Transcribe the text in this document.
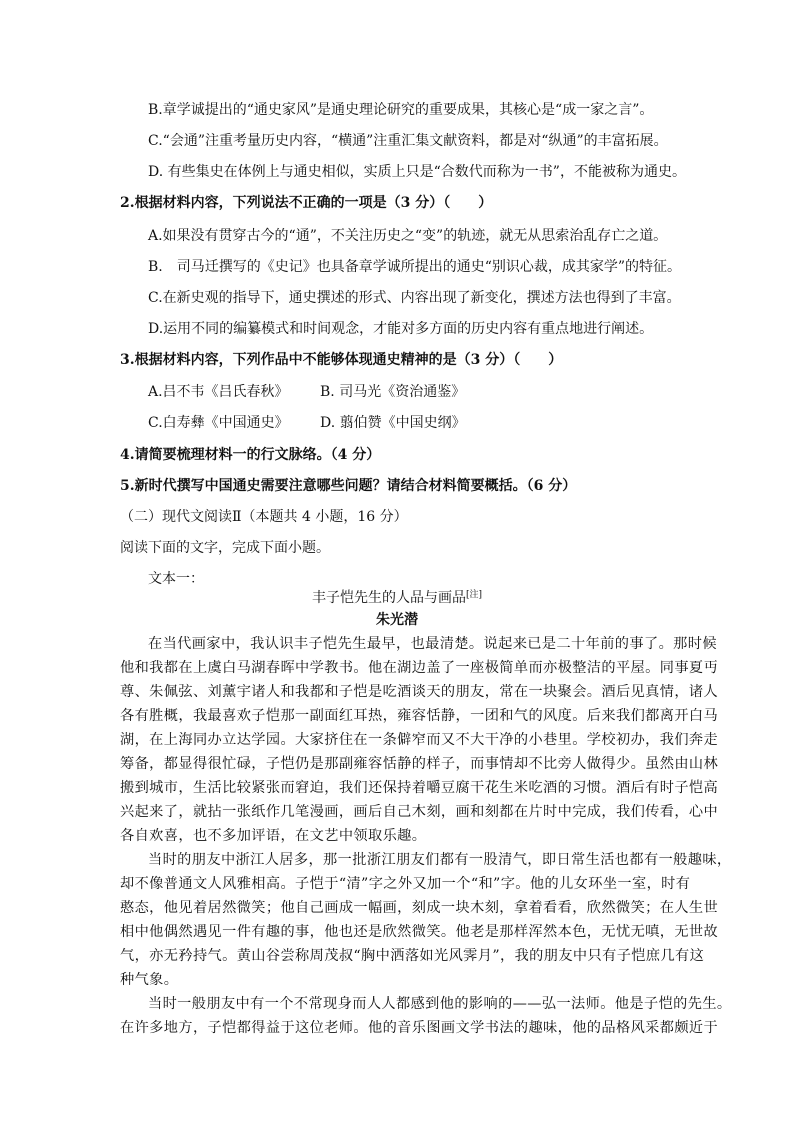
B.章学诚提出的“通史家风”是通史理论研究的重要成果，其核心是“成一家之言”。
C.“会通”注重考量历史内容，“横通”注重汇集文献资料，都是对“纵通”的丰富拓展。
D. 有些集史在体例上与通史相似，实质上只是“合数代而称为一书”，不能被称为通史。
2.根据材料内容，下列说法不正确的一项是（3 分）（　　）
A.如果没有贯穿古今的“通”，不关注历史之“变”的轨迹，就无从思索治乱存亡之道。
B.　司马迁撰写的《史记》也具备章学诚所提出的通史“别识心裁，成其家学”的特征。
C.在新史观的指导下，通史撰述的形式、内容出现了新变化，撰述方法也得到了丰富。
D.运用不同的编纂模式和时间观念，才能对多方面的历史内容有重点地进行阐述。
3.根据材料内容，下列作品中不能够体现通史精神的是（3 分）（　　）
A.吕不韦《吕氏春秋》 B. 司马光《资治通鉴》
C.白寿彝《中国通史》 D. 翦伯赞《中国史纲》
4.请简要梳理材料一的行文脉络。（4 分）
5.新时代撰写中国通史需要注意哪些问题？请结合材料简要概括。（6 分）
（二）现代文阅读Ⅱ（本题共 4 小题，16 分）
阅读下面的文字，完成下面小题。
文本一：
丰子恺先生的人品与画品[注]
朱光潜
在当代画家中，我认识丰子恺先生最早，也最清楚。说起来已是二十年前的事了。那时候
他和我都在上虞白马湖春晖中学教书。他在湖边盖了一座极简单而亦极整洁的平屋。同事夏丏
尊、朱佩弦、刘薰宇诸人和我都和子恺是吃酒谈天的朋友，常在一块聚会。酒后见真情，诸人
各有胜概，我最喜欢子恺那一副面红耳热，雍容恬静，一团和气的风度。后来我们都离开白马
湖，在上海同办立达学园。大家挤住在一条僻窄而又不大干净的小巷里。学校初办，我们奔走
筹备，都显得很忙碌，子恺仍是那副雍容恬静的样子，而事情却不比旁人做得少。虽然由山林
搬到城市，生活比较紧张而窘迫，我们还保持着嚼豆腐干花生米吃酒的习惯。酒后有时子恺高
兴起来了，就拈一张纸作几笔漫画，画后自己木刻，画和刻都在片时中完成，我们传看，心中
各自欢喜，也不多加评语，在文艺中领取乐趣。
当时的朋友中浙江人居多，那一批浙江朋友们都有一股清气，即日常生活也都有一般趣味，
却不像普通文人风雅相高。子恺于“清”字之外又加一个“和”字。他的儿女环坐一室，时有
憨态，他见着居然微笑；他自己画成一幅画，刻成一块木刻，拿着看看，欣然微笑；在人生世
相中他偶然遇见一件有趣的事，他也还是欣然微笑。他老是那样浑然本色，无忧无嗔，无世故
气，亦无矜持气。黄山谷尝称周茂叔“胸中洒落如光风霁月”，我的朋友中只有子恺庶几有这
种气象。
当时一般朋友中有一个不常现身而人人都感到他的影响的——弘一法师。他是子恺的先生。
在许多地方，子恺都得益于这位老师。他的音乐图画文学书法的趣味，他的品格风采都颇近于
